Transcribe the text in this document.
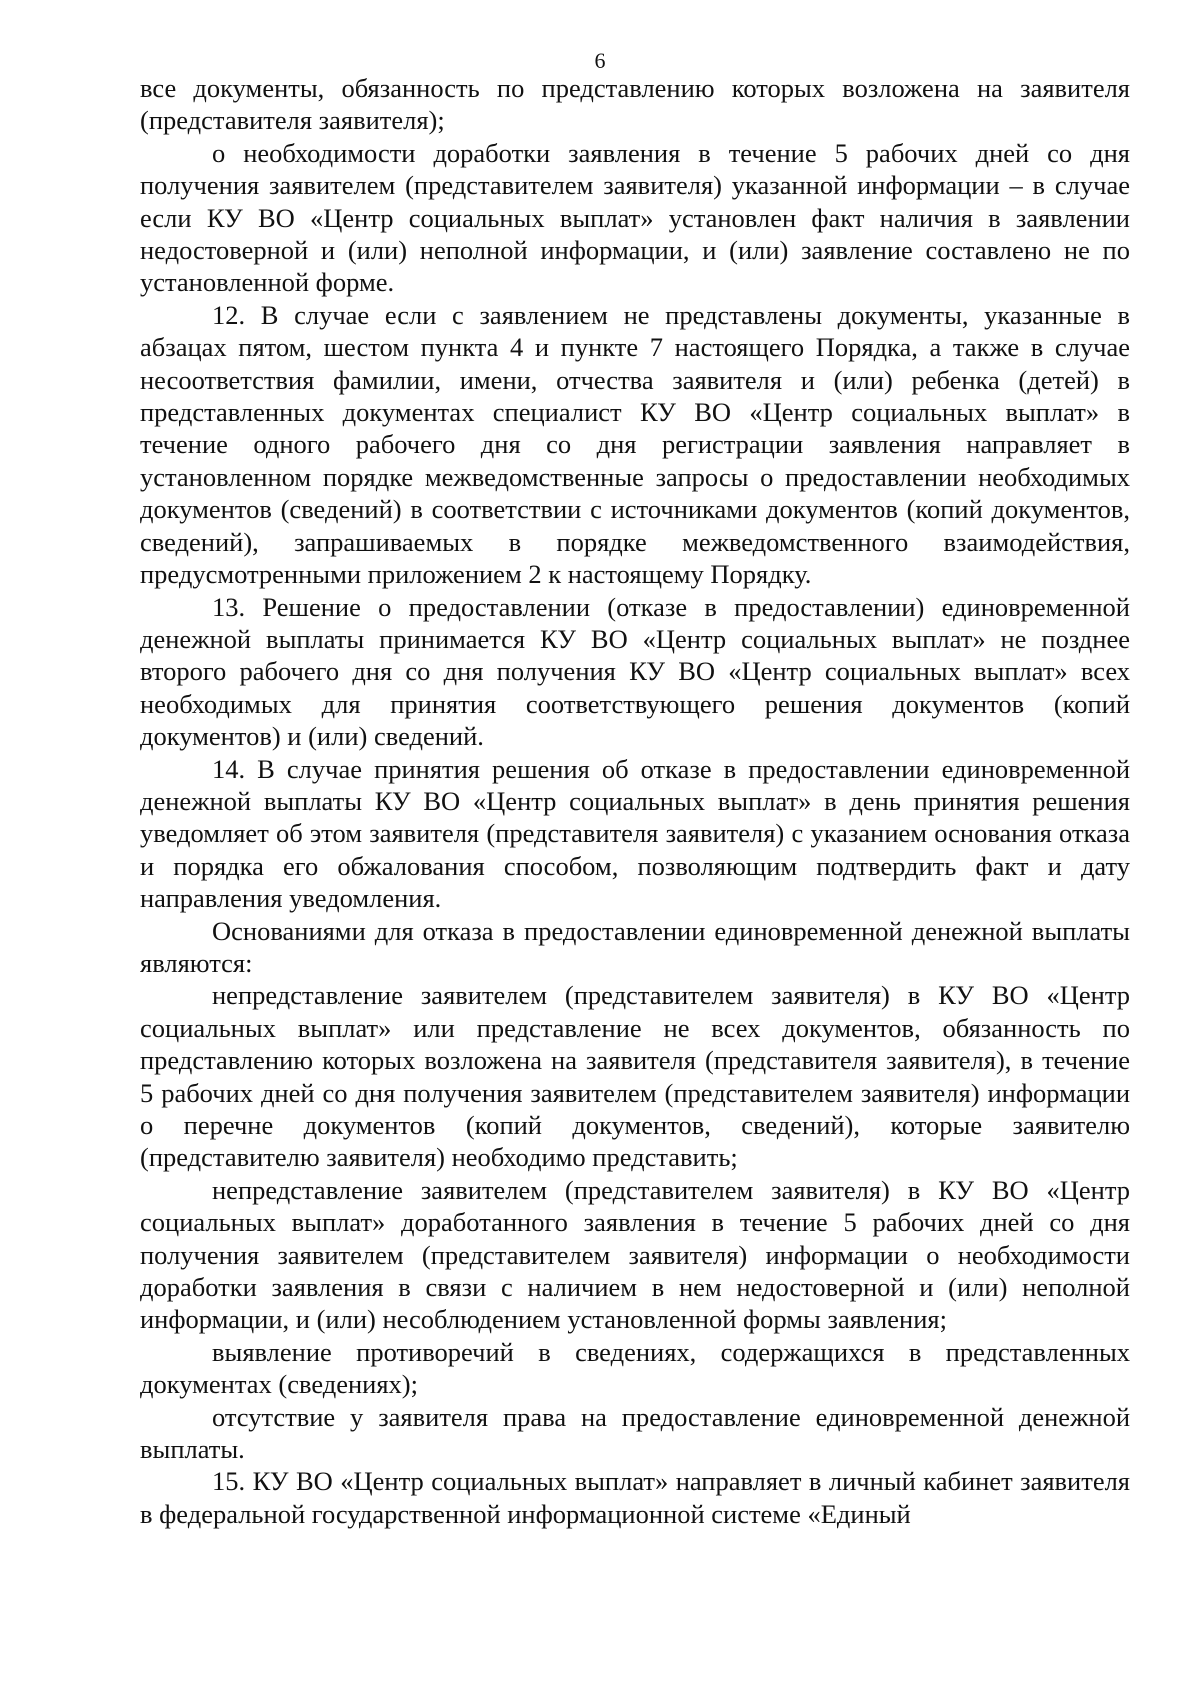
6

все документы, обязанность по представлению которых возложена на заявителя (представителя заявителя);

о необходимости доработки заявления в течение 5 рабочих дней со дня получения заявителем (представителем заявителя) указанной информации – в случае если КУ ВО «Центр социальных выплат» установлен факт наличия в заявлении недостоверной и (или) неполной информации, и (или) заявление составлено не по установленной форме.

12. В случае если с заявлением не представлены документы, указанные в абзацах пятом, шестом пункта 4 и пункте 7 настоящего Порядка, а также в случае несоответствия фамилии, имени, отчества заявителя и (или) ребенка (детей) в представленных документах специалист КУ ВО «Центр социальных выплат» в течение одного рабочего дня со дня регистрации заявления направляет в установленном порядке межведомственные запросы о предоставлении необходимых документов (сведений) в соответствии с источниками документов (копий документов, сведений), запрашиваемых в порядке межведомственного взаимодействия, предусмотренными приложением 2 к настоящему Порядку.

13. Решение о предоставлении (отказе в предоставлении) единовременной денежной выплаты принимается КУ ВО «Центр социальных выплат» не позднее второго рабочего дня со дня получения КУ ВО «Центр социальных выплат» всех необходимых для принятия соответствующего решения документов (копий документов) и (или) сведений.

14. В случае принятия решения об отказе в предоставлении единовременной денежной выплаты КУ ВО «Центр социальных выплат» в день принятия решения уведомляет об этом заявителя (представителя заявителя) с указанием основания отказа и порядка его обжалования способом, позволяющим подтвердить факт и дату направления уведомления.

Основаниями для отказа в предоставлении единовременной денежной выплаты являются:

непредставление заявителем (представителем заявителя) в КУ ВО «Центр социальных выплат» или представление не всех документов, обязанность по представлению которых возложена на заявителя (представителя заявителя), в течение 5 рабочих дней со дня получения заявителем (представителем заявителя) информации о перечне документов (копий документов, сведений), которые заявителю (представителю заявителя) необходимо представить;

непредставление заявителем (представителем заявителя) в КУ ВО «Центр социальных выплат» доработанного заявления в течение 5 рабочих дней со дня получения заявителем (представителем заявителя) информации о необходимости доработки заявления в связи с наличием в нем недостоверной и (или) неполной информации, и (или) несоблюдением установленной формы заявления;

выявление противоречий в сведениях, содержащихся в представленных документах (сведениях);

отсутствие у заявителя права на предоставление единовременной денежной выплаты.

15. КУ ВО «Центр социальных выплат» направляет в личный кабинет заявителя в федеральной государственной информационной системе «Единый
